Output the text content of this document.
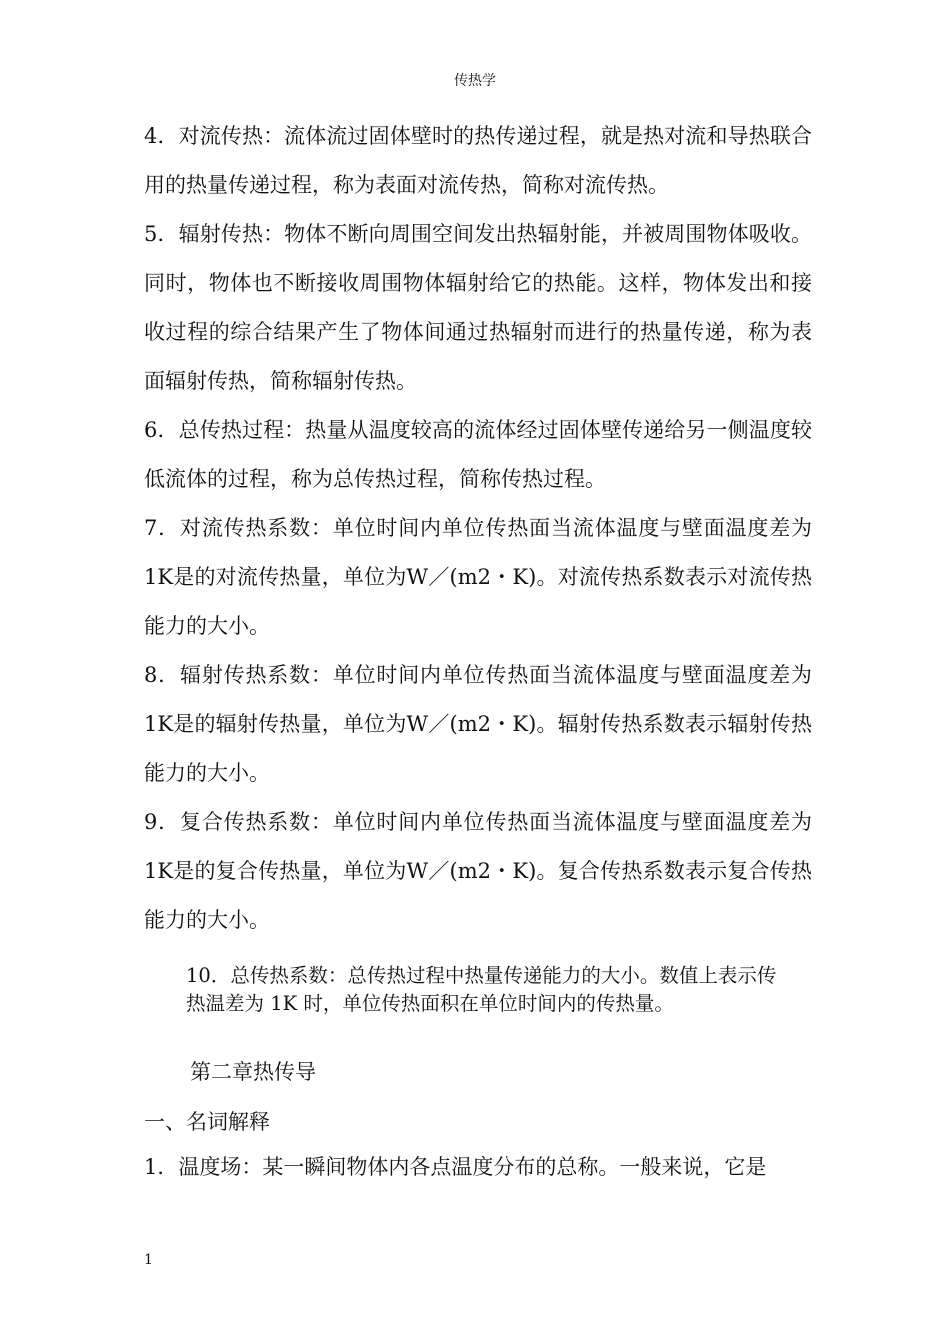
传热学

4．对流传热：流体流过固体壁时的热传递过程，就是热对流和导热联合用的热量传递过程，称为表面对流传热，简称对流传热。

5．辐射传热：物体不断向周围空间发出热辐射能，并被周围物体吸收。同时，物体也不断接收周围物体辐射给它的热能。这样，物体发出和接收过程的综合结果产生了物体间通过热辐射而进行的热量传递，称为表面辐射传热，简称辐射传热。

6．总传热过程：热量从温度较高的流体经过固体壁传递给另一侧温度较低流体的过程，称为总传热过程，简称传热过程。

7．对流传热系数：单位时间内单位传热面当流体温度与壁面温度差为1K是的对流传热量，单位为W／(m2・K)。对流传热系数表示对流传热能力的大小。

8．辐射传热系数：单位时间内单位传热面当流体温度与壁面温度差为1K是的辐射传热量，单位为W／(m2・K)。辐射传热系数表示辐射传热能力的大小。

9．复合传热系数：单位时间内单位传热面当流体温度与壁面温度差为1K是的复合传热量，单位为W／(m2・K)。复合传热系数表示复合传热能力的大小。

10．总传热系数：总传热过程中热量传递能力的大小。数值上表示传热温差为 1K 时，单位传热面积在单位时间内的传热量。

第二章热传导

一、名词解释

1．温度场：某一瞬间物体内各点温度分布的总称。一般来说，它是

1
